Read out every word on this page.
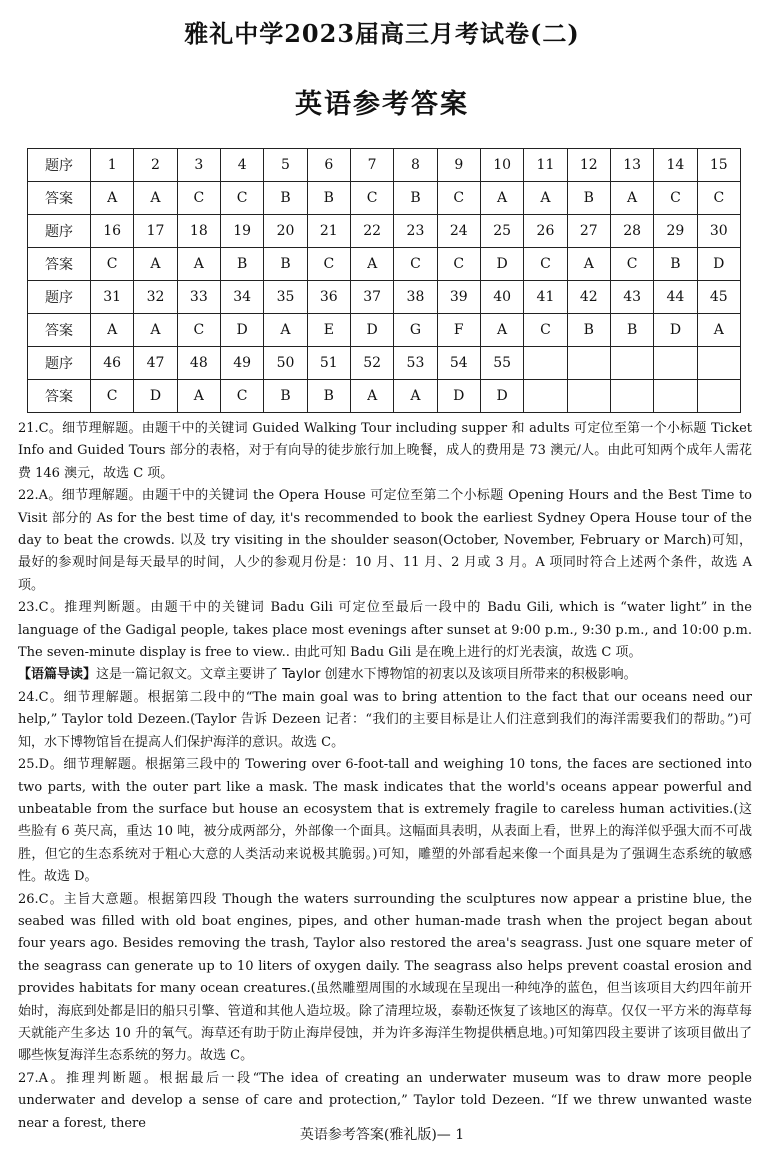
雅礼中学2023届高三月考试卷(二)
英语参考答案
题序	1	2	3	4	5	6	7	8	9	10	11	12	13	14	15
答案	A	A	C	C	B	B	C	B	C	A	A	B	A	C	C
题序	16	17	18	19	20	21	22	23	24	25	26	27	28	29	30
答案	C	A	A	B	B	C	A	C	C	D	C	A	C	B	D
题序	31	32	33	34	35	36	37	38	39	40	41	42	43	44	45
答案	A	A	C	D	A	E	D	G	F	A	C	B	B	D	A
题序	46	47	48	49	50	51	52	53	54	55					
答案	C	D	A	C	B	B	A	A	D	D					

21.C。细节理解题。由题干中的关键词 Guided Walking Tour including supper 和 adults 可定位至第一个小标题 Ticket Info and Guided Tours 部分的表格，对于有向导的徒步旅行加上晚餐，成人的费用是 73 澳元/人。由此可知两个成年人需花费 146 澳元，故选 C 项。

22.A。细节理解题。由题干中的关键词 the Opera House 可定位至第二个小标题 Opening Hours and the Best Time to Visit 部分的 As for the best time of day, it's recommended to book the earliest Sydney Opera House tour of the day to beat the crowds. 以及 try visiting in the shoulder season(October, November, February or March)可知，最好的参观时间是每天最早的时间，人少的参观月份是：10 月、11 月、2 月或 3 月。A 项同时符合上述两个条件，故选 A 项。

23.C。推理判断题。由题干中的关键词 Badu Gili 可定位至最后一段中的 Badu Gili, which is “water light” in the language of the Gadigal people, takes place most evenings after sunset at 9:00 p.m., 9:30 p.m., and 10:00 p.m. The seven-minute display is free to view.. 由此可知 Badu Gili 是在晚上进行的灯光表演，故选 C 项。

【语篇导读】这是一篇记叙文。文章主要讲了 Taylor 创建水下博物馆的初衷以及该项目所带来的积极影响。

24.C。细节理解题。根据第二段中的“The main goal was to bring attention to the fact that our oceans need our help,” Taylor told Dezeen.(Taylor 告诉 Dezeen 记者：“我们的主要目标是让人们注意到我们的海洋需要我们的帮助。”)可知，水下博物馆旨在提高人们保护海洋的意识。故选 C。

25.D。细节理解题。根据第三段中的 Towering over 6-foot-tall and weighing 10 tons, the faces are sectioned into two parts, with the outer part like a mask. The mask indicates that the world's oceans appear powerful and unbeatable from the surface but house an ecosystem that is extremely fragile to careless human activities.(这些脸有 6 英尺高，重达 10 吨，被分成两部分，外部像一个面具。这幅面具表明，从表面上看，世界上的海洋似乎强大而不可战胜，但它的生态系统对于粗心大意的人类活动来说极其脆弱。)可知，雕塑的外部看起来像一个面具是为了强调生态系统的敏感性。故选 D。

26.C。主旨大意题。根据第四段 Though the waters surrounding the sculptures now appear a pristine blue, the seabed was filled with old boat engines, pipes, and other human-made trash when the project began about four years ago. Besides removing the trash, Taylor also restored the area's seagrass. Just one square meter of the seagrass can generate up to 10 liters of oxygen daily. The seagrass also helps prevent coastal erosion and provides habitats for many ocean creatures.(虽然雕塑周围的水域现在呈现出一种纯净的蓝色，但当该项目大约四年前开始时，海底到处都是旧的船只引擎、管道和其他人造垃圾。除了清理垃圾，泰勒还恢复了该地区的海草。仅仅一平方米的海草每天就能产生多达 10 升的氧气。海草还有助于防止海岸侵蚀，并为许多海洋生物提供栖息地。)可知第四段主要讲了该项目做出了哪些恢复海洋生态系统的努力。故选 C。

27.A。推理判断题。根据最后一段“The idea of creating an underwater museum was to draw more people underwater and develop a sense of care and protection,” Taylor told Dezeen. “If we threw unwanted waste near a forest, there

英语参考答案(雅礼版)— 1
